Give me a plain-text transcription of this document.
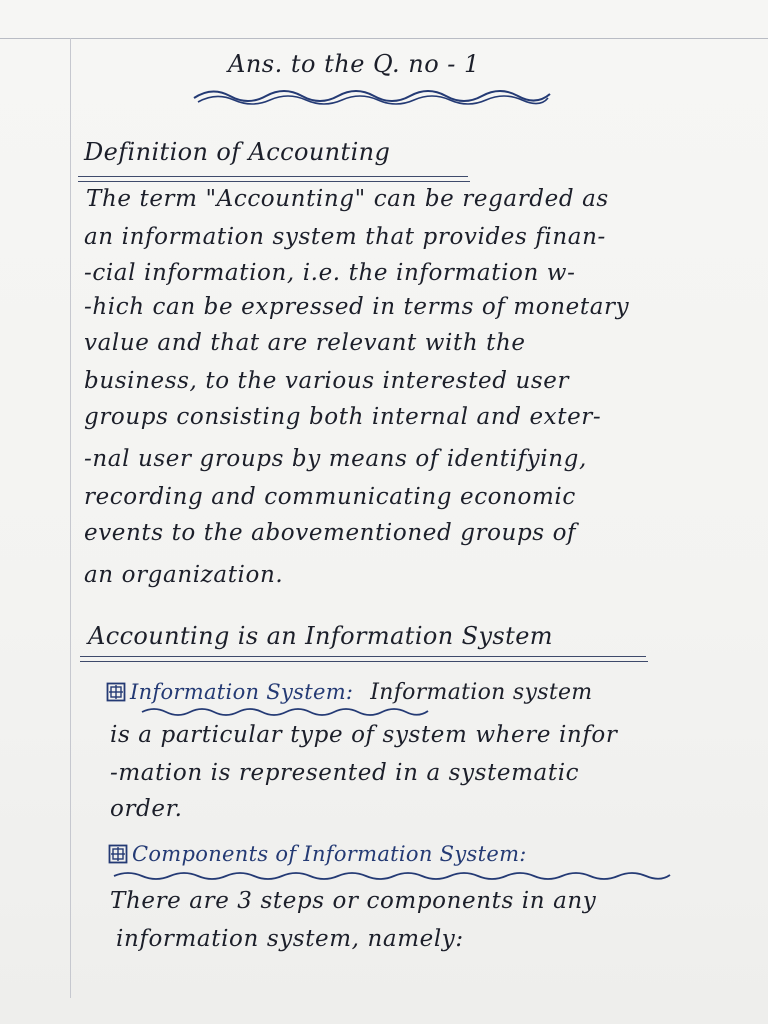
Ans. to the Q. no - 1
Definition of Accounting
The term "Accounting" can be regarded as
an information system that provides finan-
-cial information, i.e. the information w-
-hich can be expressed in terms of monetary
value and that are relevant with the
business, to the various interested user
groups consisting both internal and exter-
-nal user groups by means of identifying,
recording and communicating economic
events to the abovementioned groups of
an organization.
Accounting is an Information System
Information System: Information system
is a particular type of system where infor
-mation is represented in a systematic
order.
Components of Information System:
There are 3 steps or components in any
information system, namely:
